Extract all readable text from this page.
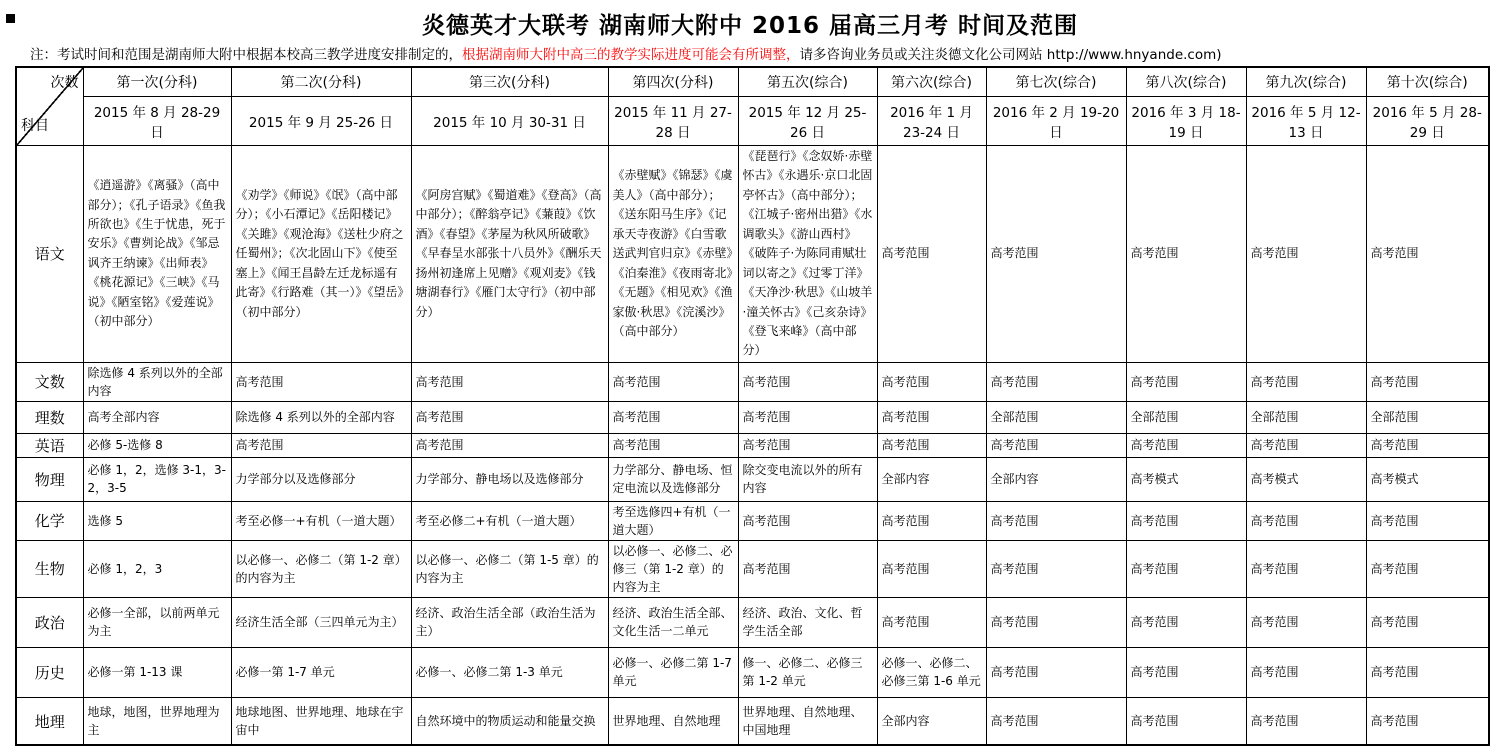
炎德英才大联考 湖南师大附中 2016 届高三月考 时间及范围
注：考试时间和范围是湖南师大附中根据本校高三教学进度安排制定的，根据湖南师大附中高三的教学实际进度可能会有所调整，请多咨询业务员或关注炎德文化公司网站 http://www.hnyande.com)
次数
科目	第一次(分科)	第二次(分科)	第三次(分科)	第四次(分科)	第五次(综合)	第六次(综合)	第七次(综合)	第八次(综合)	第九次(综合)	第十次(综合)
	2015 年 8 月 28-29 日	2015 年 9 月 25-26 日	2015 年 10 月 30-31 日	2015 年 11 月 27-28 日	2015 年 12 月 25-26 日	2016 年 1 月 23-24 日	2016 年 2 月 19-20 日	2016 年 3 月 18-19 日	2016 年 5 月 12-13 日	2016 年 5 月 28-29 日
语文	《逍遥游》《离骚》（高中部分）；《孔子语录》《鱼我所欲也》《生于忧患，死于安乐》《曹刿论战》《邹忌讽齐王纳谏》《出师表》《桃花源记》《三峡》《马说》《陋室铭》《爱莲说》（初中部分）	《劝学》《师说》《氓》（高中部分）；《小石潭记》《岳阳楼记》《关雎》《观沧海》《送杜少府之任蜀州》；《次北固山下》《使至塞上》《闻王昌龄左迁龙标遥有此寄》《行路难（其一）》《望岳》（初中部分）	《阿房宫赋》《蜀道难》《登高》（高中部分）；《醉翁亭记》《蒹葭》《饮酒》《春望》《茅屋为秋风所破歌》《早春呈水部张十八员外》《酬乐天扬州初逢席上见赠》《观刈麦》《钱塘湖春行》《雁门太守行》（初中部分）	《赤壁赋》《锦瑟》《虞美人》（高中部分）；《送东阳马生序》《记承天寺夜游》《白雪歌送武判官归京》《赤壁》《泊秦淮》《夜雨寄北》《无题》《相见欢》《渔家傲·秋思》《浣溪沙》（高中部分）	《琵琶行》《念奴娇·赤壁怀古》《永遇乐·京口北固亭怀古》（高中部分）；《江城子·密州出猎》《水调歌头》《游山西村》《破阵子·为陈同甫赋壮词以寄之》《过零丁洋》《天净沙·秋思》《山坡羊·潼关怀古》《己亥杂诗》《登飞来峰》（高中部分）	高考范围	高考范围	高考范围	高考范围	高考范围
文数	除选修 4 系列以外的全部内容	高考范围	高考范围	高考范围	高考范围	高考范围	高考范围	高考范围	高考范围	高考范围
理数	高考全部内容	除选修 4 系列以外的全部内容	高考范围	高考范围	高考范围	高考范围	全部范围	全部范围	全部范围	全部范围
英语	必修 5-选修 8	高考范围	高考范围	高考范围	高考范围	高考范围	高考范围	高考范围	高考范围	高考范围
物理	必修 1，2，选修 3-1，3-2，3-5	力学部分以及选修部分	力学部分、静电场以及选修部分	力学部分、静电场、恒定电流以及选修部分	除交变电流以外的所有内容	全部内容	全部内容	高考模式	高考模式	高考模式
化学	选修 5	考至必修一+有机（一道大题）	考至必修二+有机（一道大题）	考至选修四+有机（一道大题）	高考范围	高考范围	高考范围	高考范围	高考范围	高考范围
生物	必修 1，2，3	以必修一、必修二（第 1-2 章）的内容为主	以必修一、必修二（第 1-5 章）的内容为主	以必修一、必修二、必修三（第 1-2 章）的内容为主	高考范围	高考范围	高考范围	高考范围	高考范围	高考范围
政治	必修一全部，以前两单元为主	经济生活全部（三四单元为主）	经济、政治生活全部（政治生活为主）	经济、政治生活全部、文化生活一二单元	经济、政治、文化、哲学生活全部	高考范围	高考范围	高考范围	高考范围	高考范围
历史	必修一第 1-13 课	必修一第 1-7 单元	必修一、必修二第 1-3 单元	必修一、必修二第 1-7 单元	修一、必修二、必修三第 1-2 单元	必修一、必修二、必修三第 1-6 单元	高考范围	高考范围	高考范围	高考范围
地理	地球，地图，世界地理为主	地球地图、世界地理、地球在宇宙中	自然环境中的物质运动和能量交换	世界地理、自然地理	世界地理、自然地理、中国地理	全部内容	高考范围	高考范围	高考范围	高考范围
